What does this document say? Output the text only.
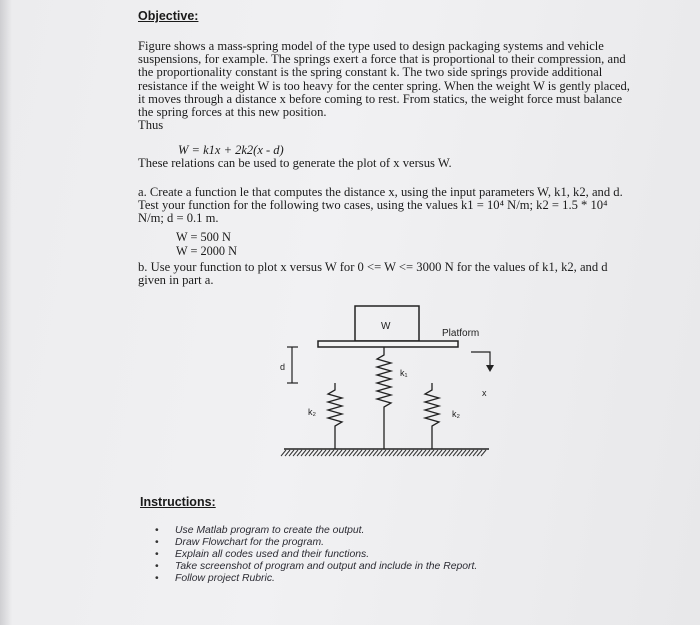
Objective:
Figure shows a mass-spring model of the type used to design packaging systems and vehicle
suspensions, for example. The springs exert a force that is proportional to their compression, and
the proportionality constant is the spring constant k. The two side springs provide additional
resistance if the weight W is too heavy for the center spring. When the weight W is gently placed,
it moves through a distance x before coming to rest. From statics, the weight force must balance
the spring forces at this new position.
Thus
W = k1x + 2k2(x - d)
These relations can be used to generate the plot of x versus W.
a. Create a function le that computes the distance x, using the input parameters W, k1, k2, and d.
Test your function for the following two cases, using the values k1 = 10⁴ N/m; k2 = 1.5 * 10⁴
N/m; d = 0.1 m.
W = 500 N
W = 2000 N
b. Use your function to plot x versus W for 0 <= W <= 3000 N for the values of k1, k2, and d
given in part a.
W
Platform
k₁
k₂	k₂
d
x
Instructions:
• Use Matlab program to create the output.
• Draw Flowchart for the program.
• Explain all codes used and their functions.
• Take screenshot of program and output and include in the Report.
• Follow project Rubric.
